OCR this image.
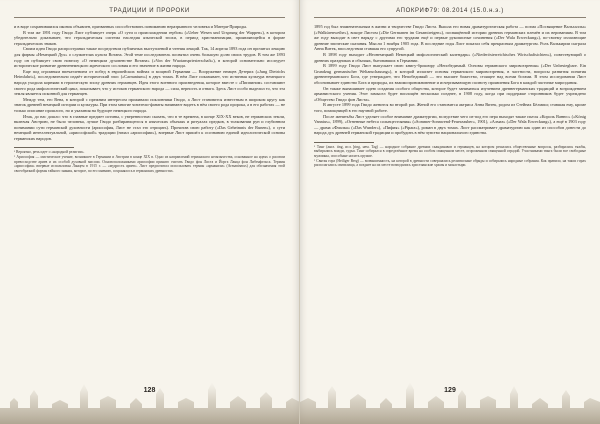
ТРАДИЦИИ И ПРОРОКИ

и в виде сохранившихся иконок объявлен, призванных способствовать пониманию неразрывного человека и Матери-Природы.

В том же 1891 году Гвидо Лист публикует очерк «О сути и происхождении гербов» («Ueber Wesen und Ursprung der Wappen»), в котором убедительно доказывает, что геральдическая система наследия языческой эпохи, в период христианизации, проявляющейся в форме геральдических знаков.

Своим идеи Гвидо распространял также посредством публичных выступлений и чтения лекций. Так, 14 апреля 1893 года он прочитал лекцию для фирмы «Немецкий Дух» о служителях культа Вотана. Этой теме исследователь посвятил очень большую долю своих трудов. В том же 1893 году он публикует свою новеллу «О немецком духовенстве Вотана» («Von der Wuotanspriesterschaft»), в которой основательно исследует историческое развитие древненемецкого жреческого сословия и его значение в жизни народа.

Еще под огромным впечатлением от побед в европейских войнах и мощной Германии — Вооружение немцев Детерих («Jung Dietrichs Heimfahrt»), последовательно издаёт исторический эпос («Carnuntum») в двух томах. В нём Лист показывает, что истинная культура немецкого народа уходила корнями в героическую эпоху древних германцев. Идея этого военного произведения, которое вместе с «Пиппином» составляют своего рода мифологический цикл, показывает, что у истоков германского народа — сила, верность и отвага. Здесь Лист особо выделил то, что эта земля является исконной для германцев.

Между тем, его Вена, в которой с прежним интересом проживали поклонники Гвидо, а Лист становится известным в широком кругу как знаток древней немецкой истории и культуры. При этом многие читатели-фанаты начинают видеть в нём своего рода пророка, а в его работах — не только описание прошлого, но и указания на будущее немецкого народа.

Итак, до нас дошло: что в главные предмет истины, с уверенностью сказать, что в те времена, в конце XIX-XX веков, не германских земли, включая Австрию, не было человека, лучше Гвидо разбирающегося в языческих обычаях и ритуалах предков, в толковании рун и глубинном понимании сути германской духовности (ариософия, Лист не стал это отрицать). Прочитав свою работу («Das Geheimnis der Runen»), о сути немецкой интеллектуальной, «ариософской» традиции (начал «ариософии»), впервые Лист пришёл к осознанию единой идеологической основы германских народов.

¹ Вероятно, речь идет о «народной религии».

² Ариософия — мистическое учение, возникшее в Германии и Австрии в конце XIX в. Одно из направлений германского неоязычества, основанное на идеях о расовом превосходстве ариев и их особой духовной миссии. Основоположниками ариософии принято считать Гвидо фон Листа и Йорга Ланца фон Либенфельса. Термин «ариософия» впервые использован Ланцем в 1915 г. — «мудрость ариев». Лист предпочитал использовать термин «арманизм» (Armanismus) для обозначения этой своеобразной формы тайного знания, которое, по его мнению, сохранялось в германских древностях.

128
АПОКРИФ79: 08.2014 (15.0.н.э.)

1895 год был знаменательным в жизни и творчестве Гвидо Листа. Вышла его новая драматургическая работа — поэма «Посвящение Вальхаллы» («Walkürenweihe»), вскоре Листом («Die Germanen im Gesamtreigen»), посвящённой истории древних германских племён и их верованиям. В том же году выходят в свет наряду с другими его трудами ещё и первые рукописные сочинения («Der Wala Erweckung»), по-своему излагающие древние эпические сказания. Мысли 1 ноября 1905 года. В последние годы Лист показал себя прекрасным драматургом. Роль Валькирии сыграла Анна Витек, впоследствии ставшая его супругой.

В 1898 году выходит «Неонемецкий Немецкий мифологический календарь» («Niederösterreichisches Wirtschaftsichten»), повествующий о древних праздниках и обычаях, бытовавших в Германии.

В 1899 году Гвидо Лист выпускает свою книгу-брошюру «Непобедимый. Основы германского мировоззрения» («Der Unbesiegbare. Ein Grundzug germanischer Weltanschauung»), в которой излагает основы германского мировоззрения, в частности, вопросы развития понятия древнегерманского Бога, где утверждает, что Непобедимый — это высшее божество, стоящее над всеми богами. В этом исследовании Лист обосновывает единство Бога и природы, их взаимопроникновение и исчерпывающую полноту проявления Бога в каждой частичке мироздания.

Он также вынашивает идею создания особого общества, которое будет заниматься изучением древнегерманских традиций и возрождением арманистского учения. Этот замысел будет воплощён несколько позднее, в 1908 году, когда при поддержке сторонников будет учреждено «Общество Гвидо фон Листа».

В августе 1899 года Гвидо женится во второй раз. Женой его становится актриса Анна Витек, родом из Стейнах Бёлмиш; ставшая ему, кроме того, помощницей в его научной работе.

После женитьбы Лист уделяет особое внимание драматургии, вследствие чего из-под его пера выходят также пьесы «Король Ванюс» («König Vannius», 1899), «Огненные небеса сольнцестояния» («Sommer-Sonnwend-Feuerzauber», 1901), «Алмаз» («Der Wala Erweckung»), а ещё в 1903 году — драма «Фиалка» («Das Wunder»), «Пифия» («Pipara»), роман в двух томах. Лист рассматривает драматургию как один из способов донести до народа дух древней германской традиции и пробудить в нём чувство национального единства.

¹ Тинг (англ. ting, исл. þing, нем. Tag) — народное собрание древних скандинавов и германцев, на котором решались общественные вопросы, разбирались тяжбы, выбирались вожди, судьи. Тинг собирался в определённое время на особом священном месте, огороженном священной оградой. Участниками тинга были все свободные мужчины, способные носить оружие.

² Святая гора (Heiliger Berg) — возвышенность, на которой в древности совершались религиозные обряды и собирались народные собрания. Как правило, на таких горах располагались святилища, а позднее на их месте возводились христианские храмы и монастыри.

129
